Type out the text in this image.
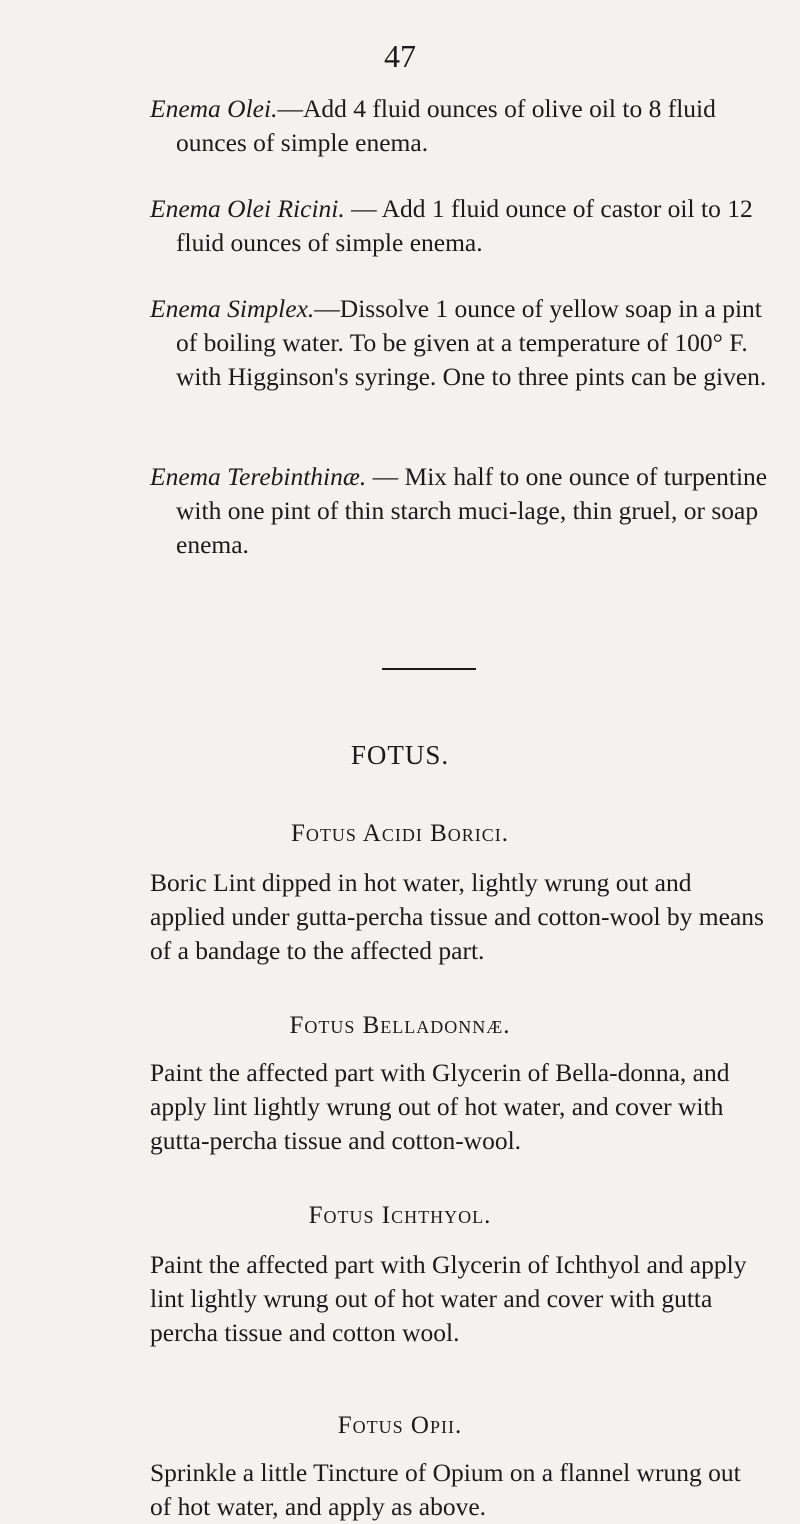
47
Enema Olei.—Add 4 fluid ounces of olive oil to 8 fluid ounces of simple enema.
Enema Olei Ricini. — Add 1 fluid ounce of castor oil to 12 fluid ounces of simple enema.
Enema Simplex.—Dissolve 1 ounce of yellow soap in a pint of boiling water. To be given at a temperature of 100° F. with Higginson's syringe. One to three pints can be given.
Enema Terebinthinæ. — Mix half to one ounce of turpentine with one pint of thin starch muci-lage, thin gruel, or soap enema.
FOTUS.
Fotus Acidi Borici.
Boric Lint dipped in hot water, lightly wrung out and applied under gutta-percha tissue and cotton-wool by means of a bandage to the affected part.
Fotus Belladonnæ.
Paint the affected part with Glycerin of Bella-donna, and apply lint lightly wrung out of hot water, and cover with gutta-percha tissue and cotton-wool.
Fotus Ichthyol.
Paint the affected part with Glycerin of Ichthyol and apply lint lightly wrung out of hot water and cover with gutta percha tissue and cotton wool.
Fotus Opii.
Sprinkle a little Tincture of Opium on a flannel wrung out of hot water, and apply as above.
